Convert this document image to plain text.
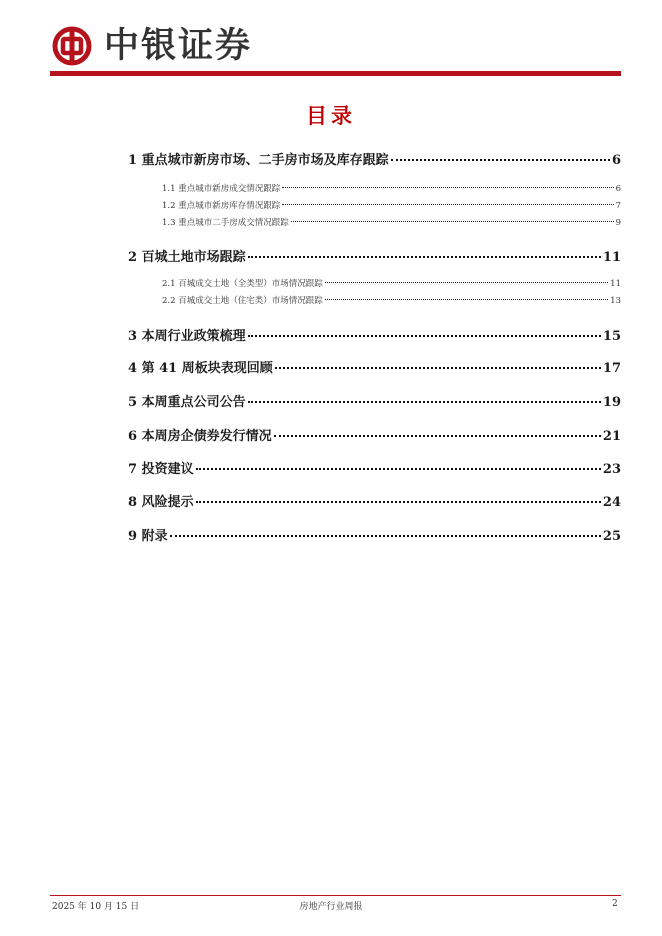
中银证券
目录
1 重点城市新房市场、二手房市场及库存跟踪	6
1.1 重点城市新房成交情况跟踪	6
1.2 重点城市新房库存情况跟踪	7
1.3 重点城市二手房成交情况跟踪	9
2 百城土地市场跟踪	11
2.1 百城成交土地（全类型）市场情况跟踪	11
2.2 百城成交土地（住宅类）市场情况跟踪	13
3 本周行业政策梳理	15
4 第 41 周板块表现回顾	17
5 本周重点公司公告	19
6 本周房企债券发行情况	21
7 投资建议	23
8 风险提示	24
9 附录	25
2025 年 10 月 15 日	房地产行业周报	2
